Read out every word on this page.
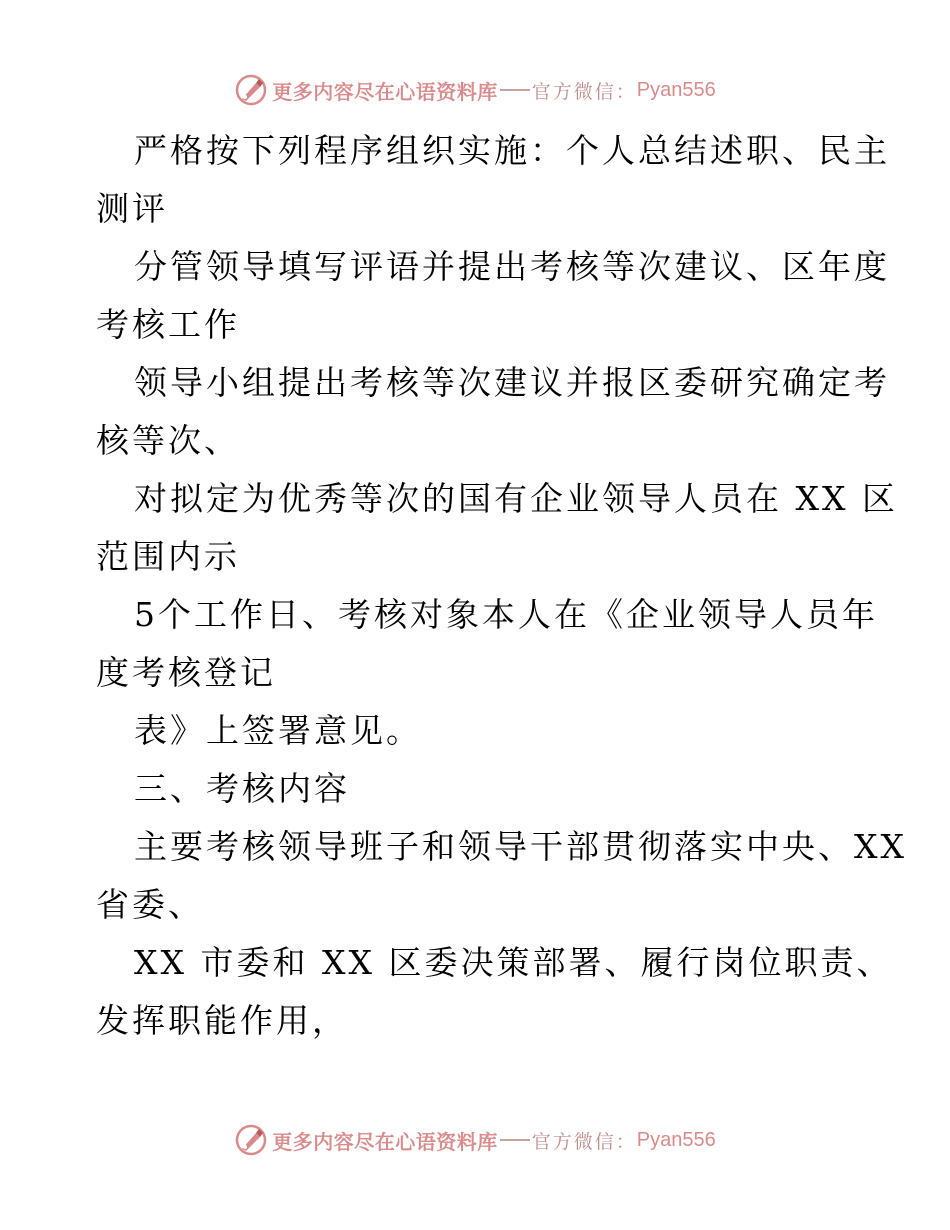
更多内容尽在心语资料库 官方微信： Pyan556
严格按下列程序组织实施：个人总结述职、民主
测评
分管领导填写评语并提出考核等次建议、区年度
考核工作
领导小组提出考核等次建议并报区委研究确定考
核等次、
对拟定为优秀等次的国有企业领导人员在 XX 区
范围内示
5个工作日、考核对象本人在《企业领导人员年
度考核登记
表》上签署意见。
三、考核内容
主要考核领导班子和领导干部贯彻落实中央、XX
省委、
XX 市委和 XX 区委决策部署、履行岗位职责、
发挥职能作用，
更多内容尽在心语资料库 官方微信： Pyan556
